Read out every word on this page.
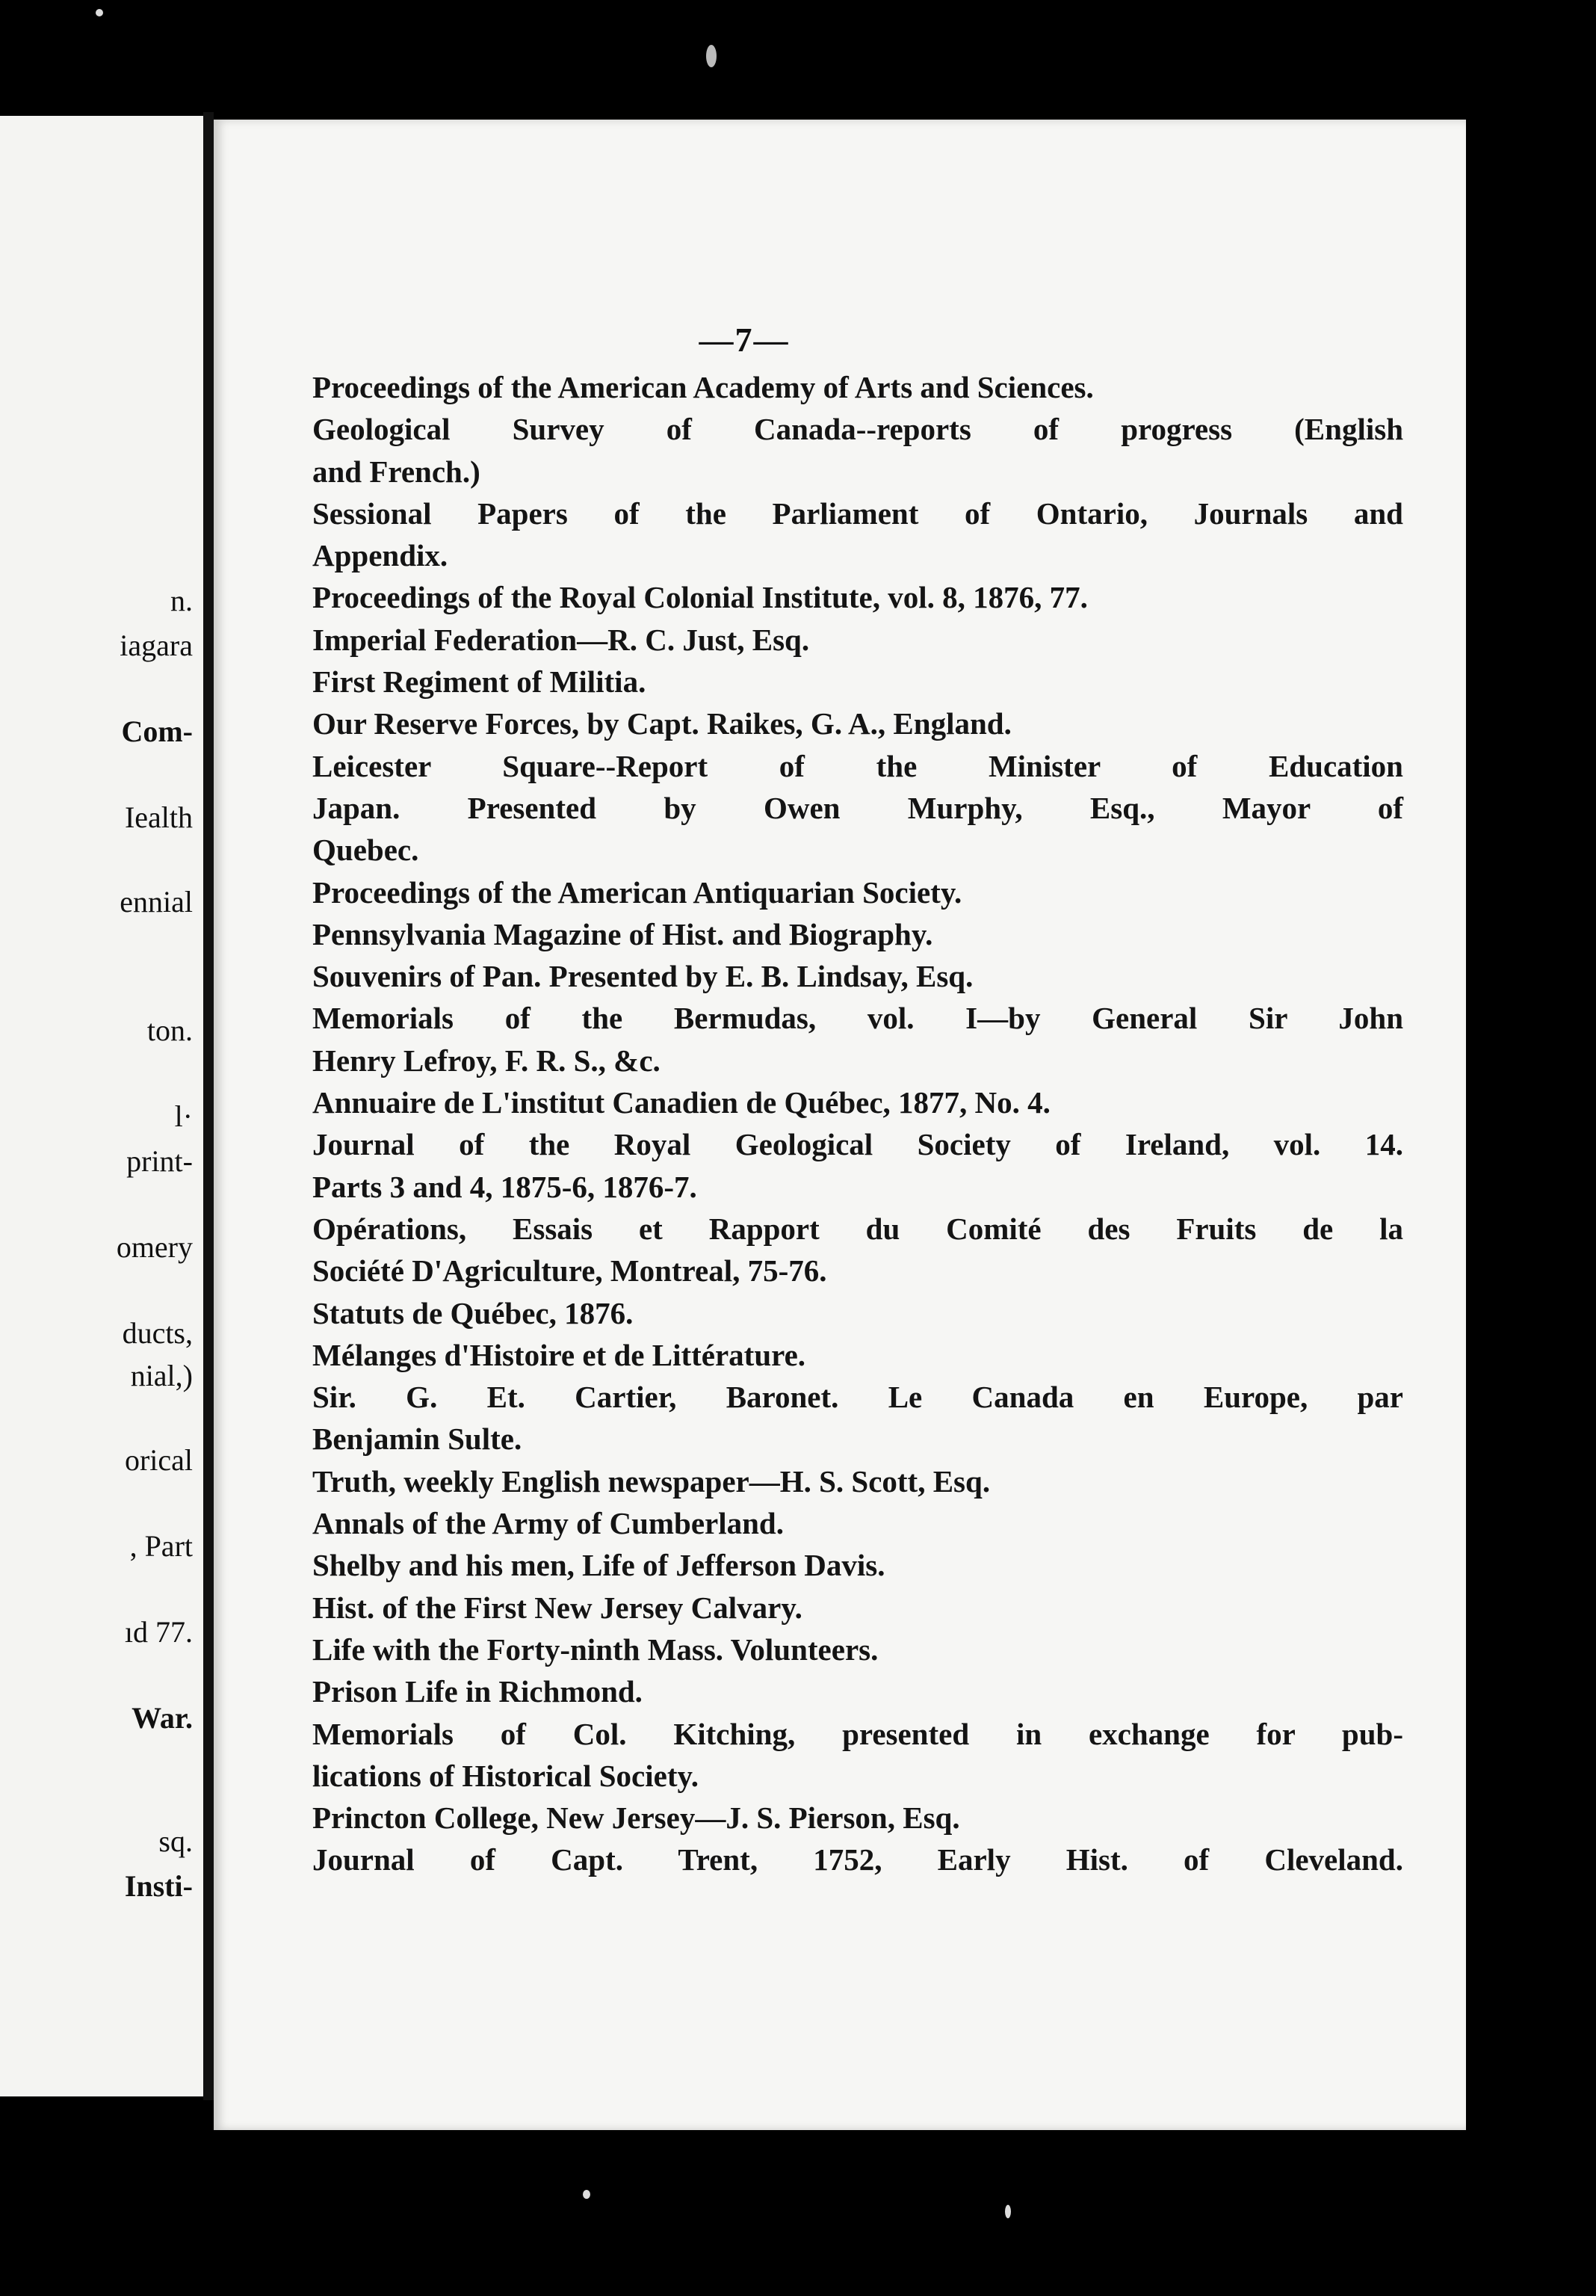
n.
iagara
Com-
Iealth
ennial
ton.
l·
print-
omery
ducts,
nial,)
orical
, Part
ıd 77.
War.
sq.
Insti-
—7—
Proceedings of the American Academy of Arts and Sciences.
Geological Survey of Canada--reports of progress (English
and French.)
Sessional Papers of the Parliament of Ontario, Journals and
Appendix.
Proceedings of the Royal Colonial Institute, vol. 8, 1876, 77.
Imperial Federation—R. C. Just, Esq.
First Regiment of Militia.
Our Reserve Forces, by Capt. Raikes, G. A., England.
Leicester Square--Report of the Minister of Education
Japan. Presented by Owen Murphy, Esq., Mayor of
Quebec.
Proceedings of the American Antiquarian Society.
Pennsylvania Magazine of Hist. and Biography.
Souvenirs of Pan. Presented by E. B. Lindsay, Esq.
Memorials of the Bermudas, vol. I—by General Sir John
Henry Lefroy, F. R. S., &c.
Annuaire de L'institut Canadien de Québec, 1877, No. 4.
Journal of the Royal Geological Society of Ireland, vol. 14.
Parts 3 and 4, 1875-6, 1876-7.
Opérations, Essais et Rapport du Comité des Fruits de la
Société D'Agriculture, Montreal, 75-76.
Statuts de Québec, 1876.
Mélanges d'Histoire et de Littérature.
Sir. G. Et. Cartier, Baronet. Le Canada en Europe, par
Benjamin Sulte.
Truth, weekly English newspaper—H. S. Scott, Esq.
Annals of the Army of Cumberland.
Shelby and his men, Life of Jefferson Davis.
Hist. of the First New Jersey Calvary.
Life with the Forty-ninth Mass. Volunteers.
Prison Life in Richmond.
Memorials of Col. Kitching, presented in exchange for pub-
lications of Historical Society.
Princton College, New Jersey—J. S. Pierson, Esq.
Journal of Capt. Trent, 1752, Early Hist. of Cleveland.
